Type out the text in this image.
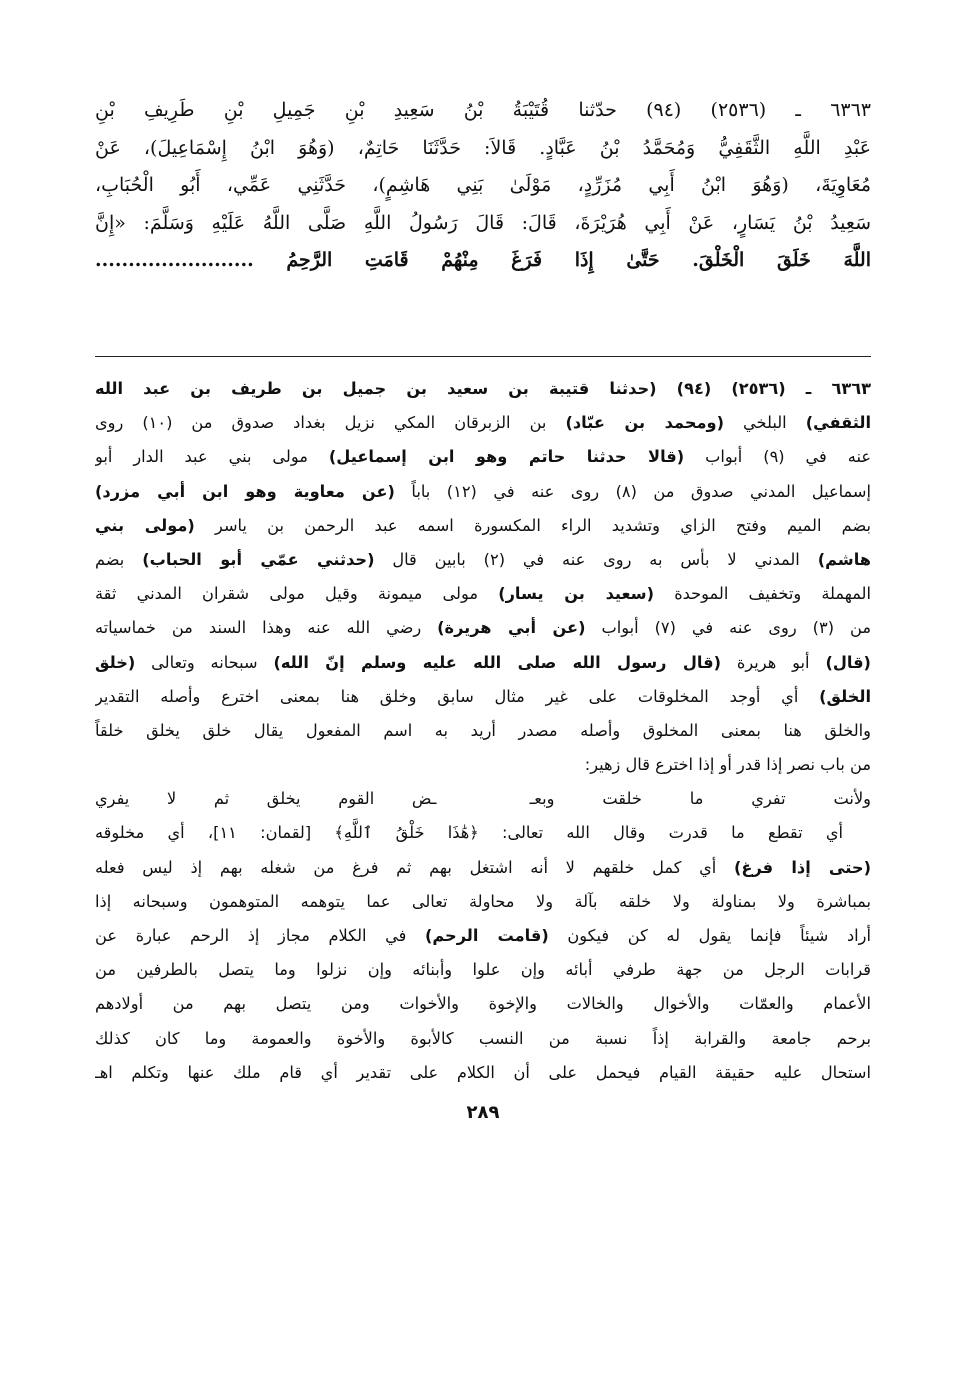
٦٣٦٣ ـ (٢٥٣٦) (٩٤) حدّثنا قُتَيْبَةُ بْنُ سَعِيدِ بْنِ جَمِيلِ بْنِ طَرِيفِ بْنِ
عَبْدِ اللَّهِ الثَّقَفِيُّ وَمُحَمَّدُ بْنُ عَبَّادٍ. قَالاَ: حَدَّثَنَا حَاتِمٌ، (وَهُوَ ابْنُ إِسْمَاعِيلَ)، عَنْ
مُعَاوِيَةَ، (وَهُوَ ابْنُ أَبِي مُزَرِّدٍ، مَوْلَىٰ بَنِي هَاشِمٍ)، حَدَّثَنِي عَمِّي، أَبُو الْحُبَابِ،
سَعِيدُ بْنُ يَسَارٍ، عَنْ أَبِي هُرَيْرَةَ، قَالَ: قَالَ رَسُولُ اللَّهِ صَلَّى اللَّهُ عَلَيْهِ وَسَلَّمَ: «إِنَّ
اللَّهَ خَلَقَ الْخَلْقَ. حَتَّىٰ إِذَا فَرَغَ مِنْهُمْ قَامَتِ الرَّحِمُ ........................
٦٣٦٣ ـ (٢٥٣٦) (٩٤) (حدثنا قتيبة بن سعيد بن جميل بن طريف بن عبد الله
الثقفي) البلخي (ومحمد بن عبّاد) بن الزبرقان المكي نزيل بغداد صدوق من (١٠) روى
عنه في (٩) أبواب (قالا حدثنا حاتم وهو ابن إسماعيل) مولى بني عبد الدار أبو
إسماعيل المدني صدوق من (٨) روى عنه في (١٢) باباً (عن معاوية وهو ابن أبي مزرد)
بضم الميم وفتح الزاي وتشديد الراء المكسورة اسمه عبد الرحمن بن ياسر (مولى بني
هاشم) المدني لا بأس به روى عنه في (٢) بابين قال (حدثني عمّي أبو الحباب) بضم
المهملة وتخفيف الموحدة (سعيد بن يسار) مولى ميمونة وقيل مولى شقران المدني ثقة
من (٣) روى عنه في (٧) أبواب (عن أبي هريرة) رضي الله عنه وهذا السند من خماسياته
(قال) أبو هريرة (قال رسول الله صلى الله عليه وسلم إنّ الله) سبحانه وتعالى (خلق
الخلق) أي أوجد المخلوقات على غير مثال سابق وخلق هنا بمعنى اخترع وأصله التقدير
والخلق هنا بمعنى المخلوق وأصله مصدر أريد به اسم المفعول يقال خلق يخلق خلقاً
من باب نصر إذا قدر أو إذا اخترع قال زهير:
ولأنت تفري ما خلقت وبعـ
ـض القوم يخلق ثم لا يفري
أي تقطع ما قدرت وقال الله تعالى: ﴿هَٰذَا خَلْقُ ٱللَّهِ﴾ [لقمان: ١١]، أي مخلوقه
(حتى إذا فرغ) أي كمل خلقهم لا أنه اشتغل بهم ثم فرغ من شغله بهم إذ ليس فعله
بمباشرة ولا بمناولة ولا خلقه بآلة ولا محاولة تعالى عما يتوهمه المتوهمون وسبحانه إذا
أراد شيئاً فإنما يقول له كن فيكون (قامت الرحم) في الكلام مجاز إذ الرحم عبارة عن
قرابات الرجل من جهة طرفي أبائه وإن علوا وأبنائه وإن نزلوا وما يتصل بالطرفين من
الأعمام والعمّات والأخوال والخالات والإخوة والأخوات ومن يتصل بهم من أولادهم
برحم جامعة والقرابة إذاً نسبة من النسب كالأبوة والأخوة والعمومة وما كان كذلك
استحال عليه حقيقة القيام فيحمل على أن الكلام على تقدير أي قام ملك عنها وتكلم اهـ
٢٨٩
